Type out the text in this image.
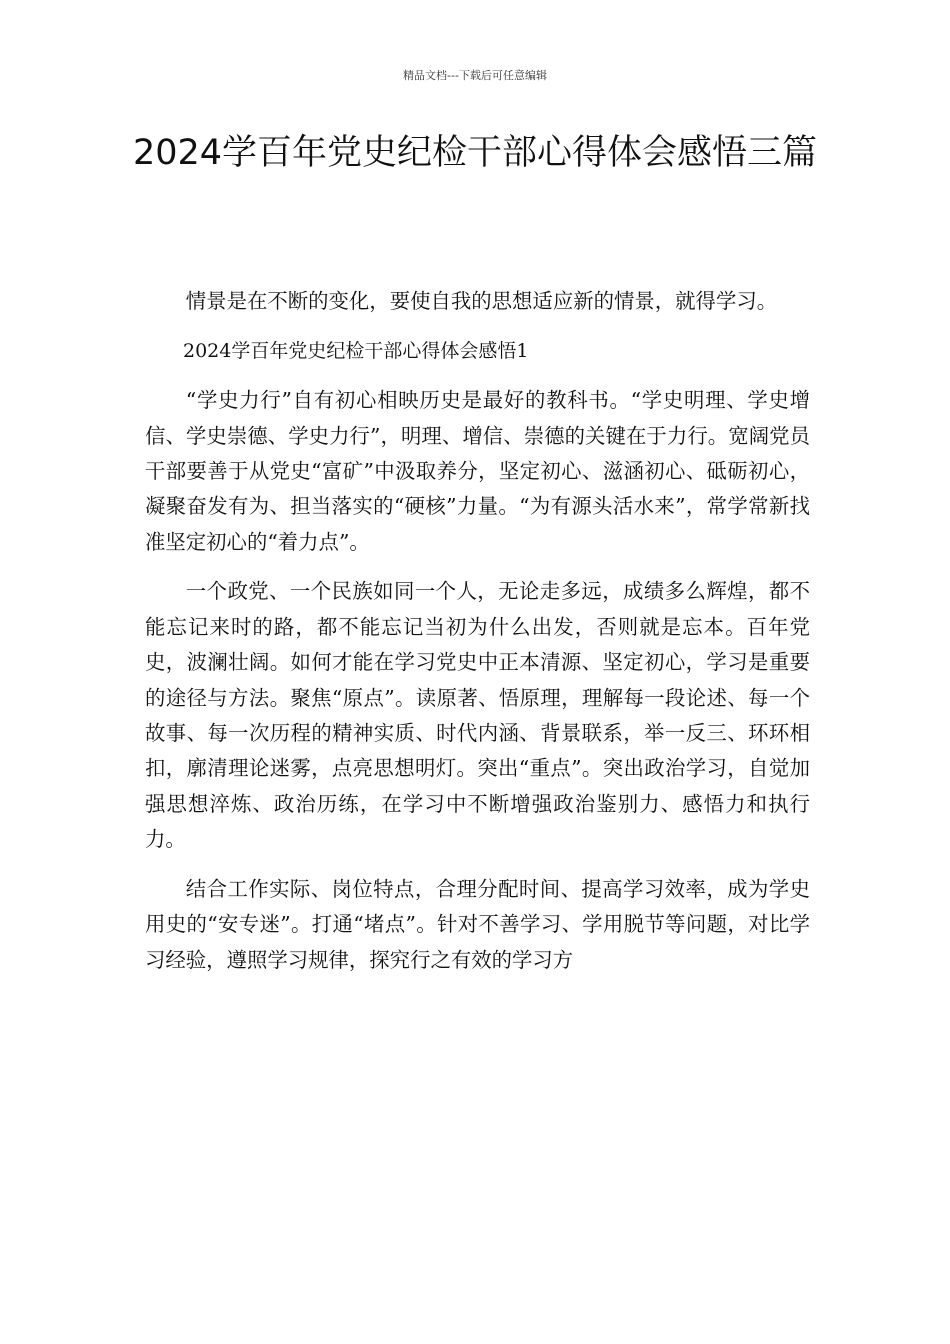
精品文档---下载后可任意编辑
2024学百年党史纪检干部心得体会感悟三篇

情景是在不断的变化，要使自我的思想适应新的情景，就得学习。

2024学百年党史纪检干部心得体会感悟1

“学史力行”自有初心相映历史是最好的教科书。“学史明理、学史增信、学史崇德、学史力行”，明理、增信、崇德的关键在于力行。宽阔党员干部要善于从党史“富矿”中汲取养分，坚定初心、滋涵初心、砥砺初心，凝聚奋发有为、担当落实的“硬核”力量。“为有源头活水来”，常学常新找准坚定初心的“着力点”。

一个政党、一个民族如同一个人，无论走多远，成绩多么辉煌，都不能忘记来时的路，都不能忘记当初为什么出发，否则就是忘本。百年党史，波澜壮阔。如何才能在学习党史中正本清源、坚定初心，学习是重要的途径与方法。聚焦“原点”。读原著、悟原理，理解每一段论述、每一个故事、每一次历程的精神实质、时代内涵、背景联系，举一反三、环环相扣，廓清理论迷雾，点亮思想明灯。突出“重点”。突出政治学习，自觉加强思想淬炼、政治历练，在学习中不断增强政治鉴别力、感悟力和执行力。

结合工作实际、岗位特点，合理分配时间、提高学习效率，成为学史用史的“安专迷”。打通“堵点”。针对不善学习、学用脱节等问题，对比学习经验，遵照学习规律，探究行之有效的学习方
